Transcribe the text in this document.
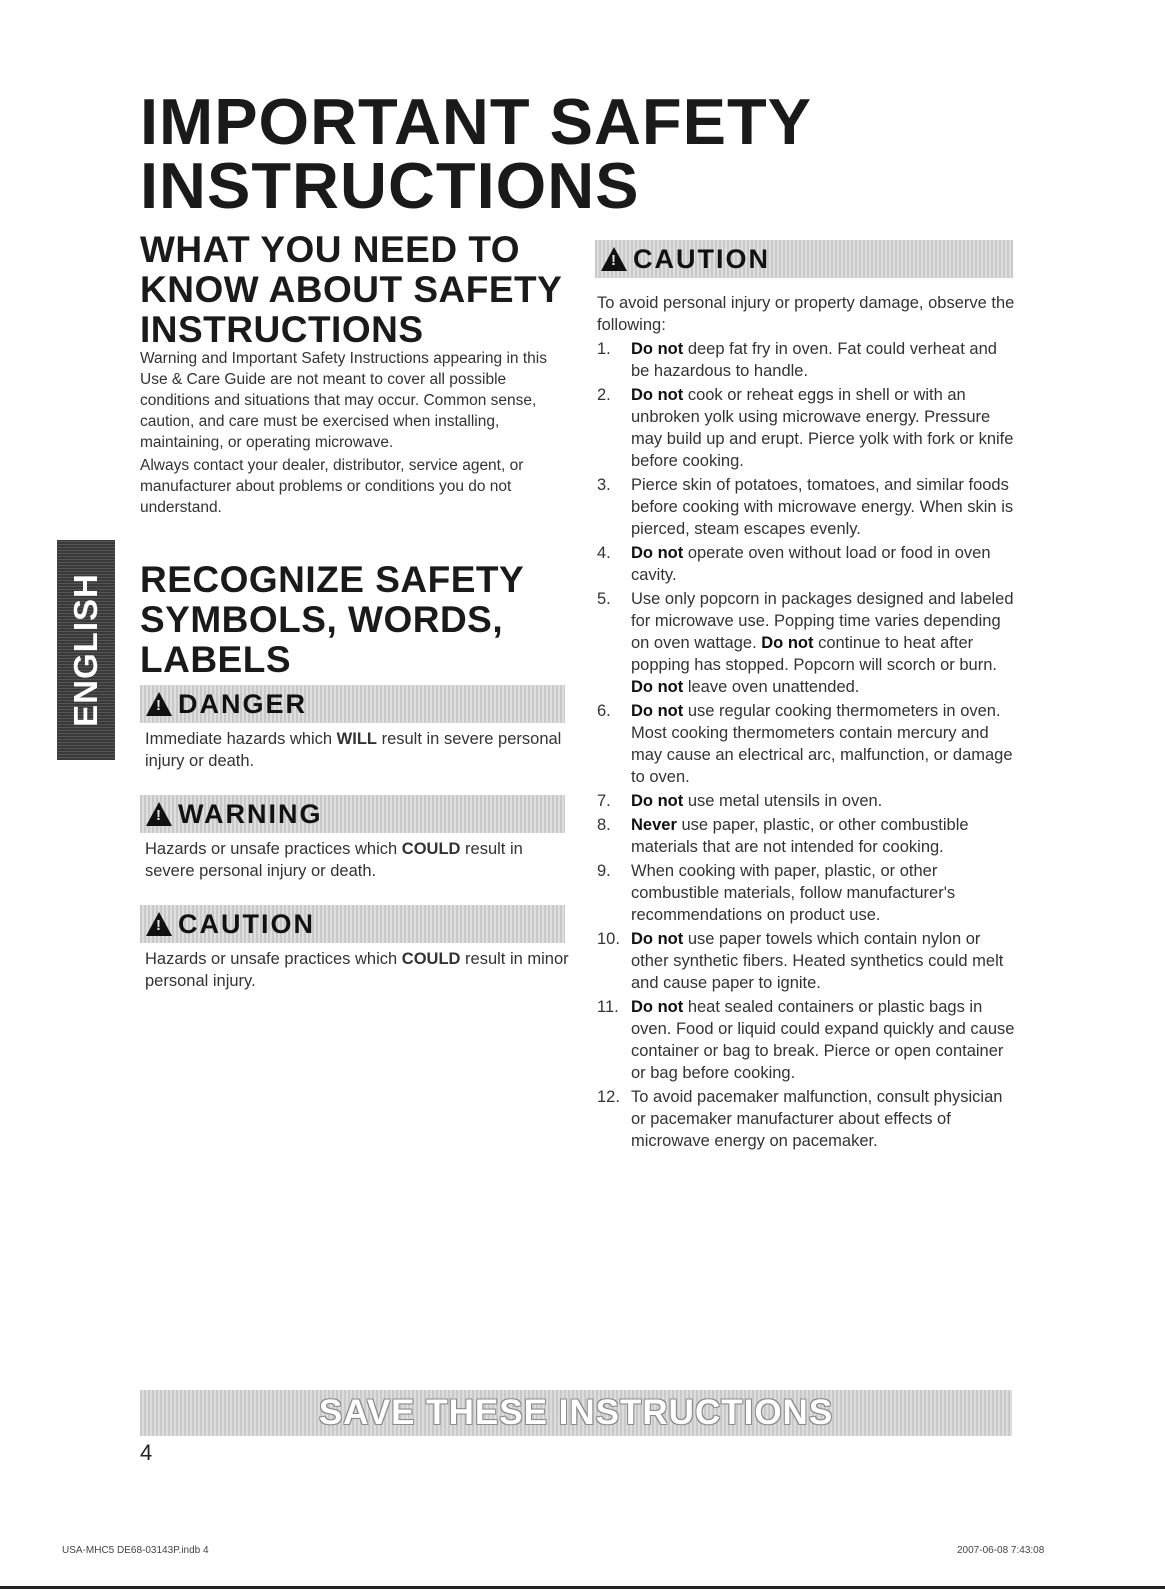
IMPORTANT SAFETY INSTRUCTIONS
WHAT YOU NEED TO KNOW ABOUT SAFETY INSTRUCTIONS
Warning and Important Safety Instructions appearing in this Use & Care Guide are not meant to cover all possible conditions and situations that may occur. Common sense, caution, and care must be exercised when installing, maintaining, or operating microwave.
Always contact your dealer, distributor, service agent, or manufacturer about problems or conditions you do not understand.
ENGLISH RECOGNIZE SAFETY SYMBOLS, WORDS, LABELS
!
DANGER
Immediate hazards which WILL result in severe personal injury or death.
!
WARNING
Hazards or unsafe practices which COULD result in severe personal injury or death.
!
CAUTION
Hazards or unsafe practices which COULD result in minor personal injury.
!
CAUTION
To avoid personal injury or property damage, observe the following:
1.	Do not deep fat fry in oven. Fat could verheat and be hazardous to handle.
2.	Do not cook or reheat eggs in shell or with an unbroken yolk using microwave energy. Pressure may build up and erupt. Pierce yolk with fork or knife before cooking.
3.	Pierce skin of potatoes, tomatoes, and similar foods before cooking with microwave energy. When skin is pierced, steam escapes evenly.
4.	Do not operate oven without load or food in oven cavity.
5.	Use only popcorn in packages designed and labeled for microwave use. Popping time varies depending on oven wattage. Do not continue to heat after popping has stopped. Popcorn will scorch or burn. Do not leave oven unattended.
6.	Do not use regular cooking thermometers in oven. Most cooking thermometers contain mercury and may cause an electrical arc, malfunction, or damage to oven.
7.	Do not use metal utensils in oven.
8.	Never use paper, plastic, or other combustible materials that are not intended for cooking.
9.	When cooking with paper, plastic, or other combustible materials, follow manufacturer's recommendations on product use.
10. Do not use paper towels which contain nylon or other synthetic fibers. Heated synthetics could melt and cause paper to ignite.
11. Do not heat sealed containers or plastic bags in oven. Food or liquid could expand quickly and cause container or bag to break. Pierce or open container or bag before cooking.
12. To avoid pacemaker malfunction, consult physician or pacemaker manufacturer about effects of microwave energy on pacemaker.
SAVE THESE INSTRUCTIONS
4
USA-MHC5 DE68-03143P.indb 4	2007-06-08 7:43:08
